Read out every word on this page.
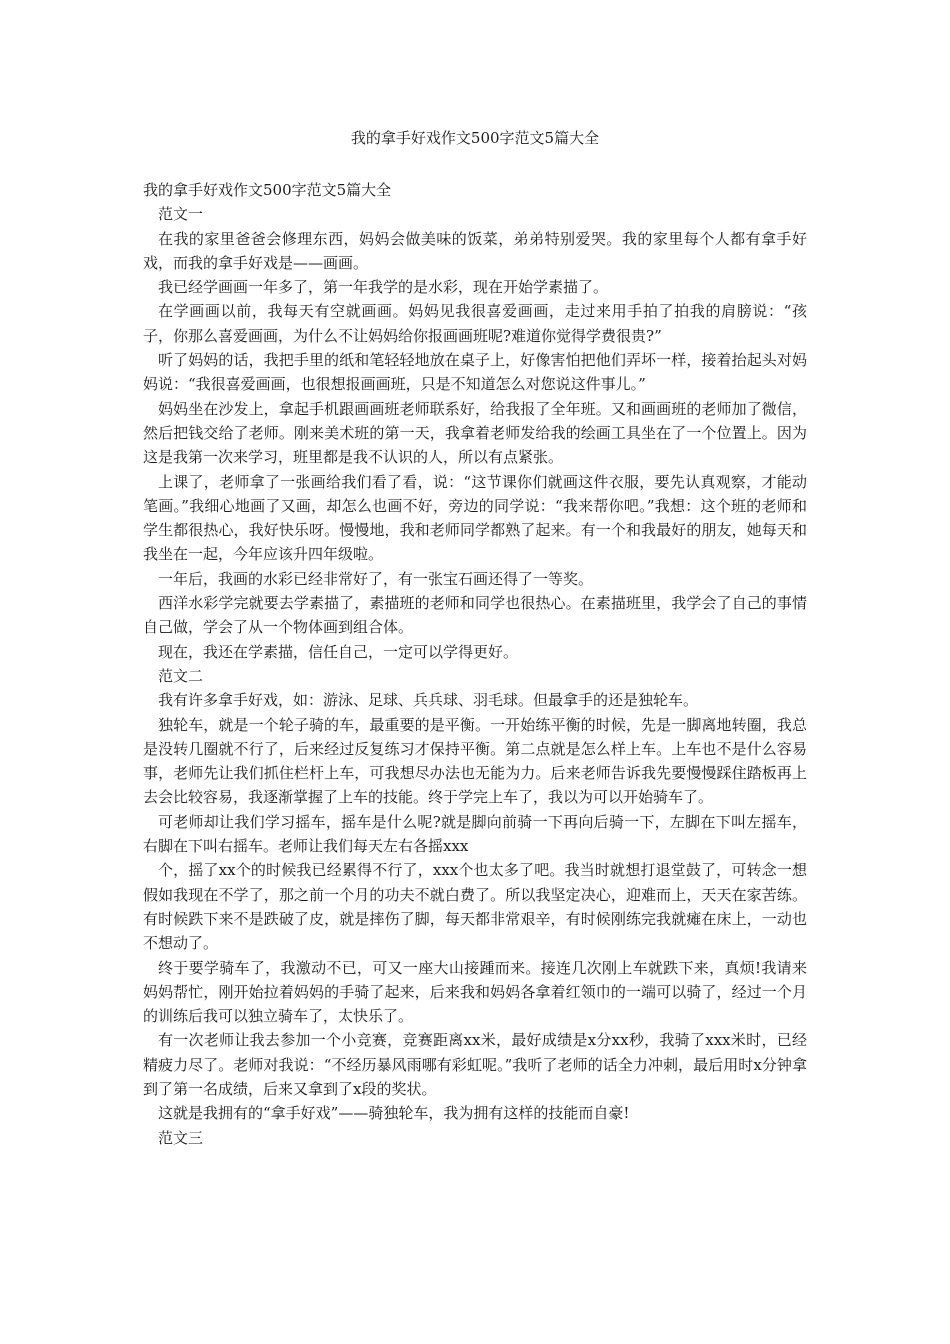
我的拿手好戏作文500字范文5篇大全

我的拿手好戏作文500字范文5篇大全

范文一

在我的家里爸爸会修理东西，妈妈会做美味的饭菜，弟弟特别爱哭。我的家里每个人都有拿手好戏，而我的拿手好戏是——画画。

我已经学画画一年多了，第一年我学的是水彩，现在开始学素描了。

在学画画以前，我每天有空就画画。妈妈见我很喜爱画画，走过来用手拍了拍我的肩膀说：“孩子，你那么喜爱画画，为什么不让妈妈给你报画画班呢?难道你觉得学费很贵?”

听了妈妈的话，我把手里的纸和笔轻轻地放在桌子上，好像害怕把他们弄坏一样，接着抬起头对妈妈说：“我很喜爱画画，也很想报画画班，只是不知道怎么对您说这件事儿。”

妈妈坐在沙发上，拿起手机跟画画班老师联系好，给我报了全年班。又和画画班的老师加了微信，然后把钱交给了老师。刚来美术班的第一天，我拿着老师发给我的绘画工具坐在了一个位置上。因为这是我第一次来学习，班里都是我不认识的人，所以有点紧张。

上课了，老师拿了一张画给我们看了看，说：“这节课你们就画这件衣服，要先认真观察，才能动笔画。”我细心地画了又画，却怎么也画不好，旁边的同学说：“我来帮你吧。”我想：这个班的老师和学生都很热心，我好快乐呀。慢慢地，我和老师同学都熟了起来。有一个和我最好的朋友，她每天和我坐在一起，今年应该升四年级啦。

一年后，我画的水彩已经非常好了，有一张宝石画还得了一等奖。

西洋水彩学完就要去学素描了，素描班的老师和同学也很热心。在素描班里，我学会了自己的事情自己做，学会了从一个物体画到组合体。

现在，我还在学素描，信任自己，一定可以学得更好。

范文二

我有许多拿手好戏，如：游泳、足球、兵兵球、羽毛球。但最拿手的还是独轮车。

独轮车，就是一个轮子骑的车，最重要的是平衡。一开始练平衡的时候，先是一脚离地转圈，我总是没转几圈就不行了，后来经过反复练习才保持平衡。第二点就是怎么样上车。上车也不是什么容易事，老师先让我们抓住栏杆上车，可我想尽办法也无能为力。后来老师告诉我先要慢慢踩住踏板再上去会比较容易，我逐渐掌握了上车的技能。终于学完上车了，我以为可以开始骑车了。

可老师却让我们学习摇车，摇车是什么呢?就是脚向前骑一下再向后骑一下，左脚在下叫左摇车，右脚在下叫右摇车。老师让我们每天左右各摇xxx

个，摇了xx个的时候我已经累得不行了，xxx个也太多了吧。我当时就想打退堂鼓了，可转念一想假如我现在不学了，那之前一个月的功夫不就白费了。所以我坚定决心，迎难而上，天天在家苦练。有时候跌下来不是跌破了皮，就是摔伤了脚，每天都非常艰辛，有时候刚练完我就瘫在床上，一动也不想动了。

终于要学骑车了，我激动不已，可又一座大山接踵而来。接连几次刚上车就跌下来，真烦!我请来妈妈帮忙，刚开始拉着妈妈的手骑了起来，后来我和妈妈各拿着红领巾的一端可以骑了，经过一个月的训练后我可以独立骑车了，太快乐了。

有一次老师让我去参加一个小竞赛，竞赛距离xx米，最好成绩是x分xx秒，我骑了xxx米时，已经精疲力尽了。老师对我说：“不经历暴风雨哪有彩虹呢。”我听了老师的话全力冲刺，最后用时x分钟拿到了第一名成绩，后来又拿到了x段的奖状。

这就是我拥有的“拿手好戏”——骑独轮车，我为拥有这样的技能而自豪!

范文三
